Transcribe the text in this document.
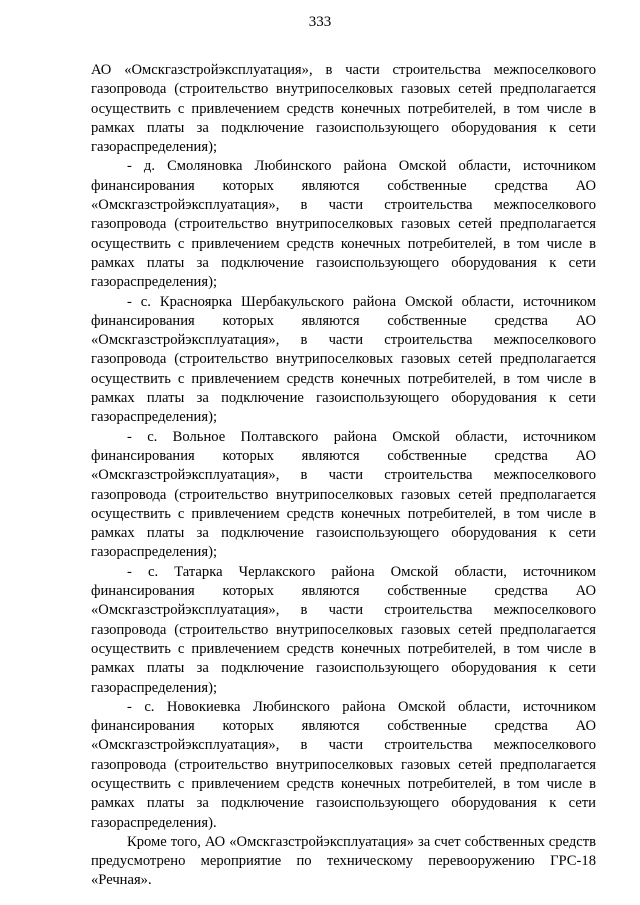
333

АО «Омскгазстройэксплуатация», в части строительства межпоселкового газопровода (строительство внутрипоселковых газовых сетей предполагается осуществить с привлечением средств конечных потребителей, в том числе в рамках платы за подключение газоиспользующего оборудования к сети газораспределения);

- д. Смоляновка Любинского района Омской области, источником финансирования которых являются собственные средства АО «Омскгазстройэксплуатация», в части строительства межпоселкового газопровода (строительство внутрипоселковых газовых сетей предполагается осуществить с привлечением средств конечных потребителей, в том числе в рамках платы за подключение газоиспользующего оборудования к сети газораспределения);

- с. Красноярка Шербакульского района Омской области, источником финансирования которых являются собственные средства АО «Омскгазстройэксплуатация», в части строительства межпоселкового газопровода (строительство внутрипоселковых газовых сетей предполагается осуществить с привлечением средств конечных потребителей, в том числе в рамках платы за подключение газоиспользующего оборудования к сети газораспределения);

- с. Вольное Полтавского района Омской области, источником финансирования которых являются собственные средства АО «Омскгазстройэксплуатация», в части строительства межпоселкового газопровода (строительство внутрипоселковых газовых сетей предполагается осуществить с привлечением средств конечных потребителей, в том числе в рамках платы за подключение газоиспользующего оборудования к сети газораспределения);

- с. Татарка Черлакского района Омской области, источником финансирования которых являются собственные средства АО «Омскгазстройэксплуатация», в части строительства межпоселкового газопровода (строительство внутрипоселковых газовых сетей предполагается осуществить с привлечением средств конечных потребителей, в том числе в рамках платы за подключение газоиспользующего оборудования к сети газораспределения);

- с. Новокиевка Любинского района Омской области, источником финансирования которых являются собственные средства АО «Омскгазстройэксплуатация», в части строительства межпоселкового газопровода (строительство внутрипоселковых газовых сетей предполагается осуществить с привлечением средств конечных потребителей, в том числе в рамках платы за подключение газоиспользующего оборудования к сети газораспределения).

Кроме того, АО «Омскгазстройэксплуатация» за счет собственных средств предусмотрено мероприятие по техническому перевооружению ГРС-18 «Речная».
